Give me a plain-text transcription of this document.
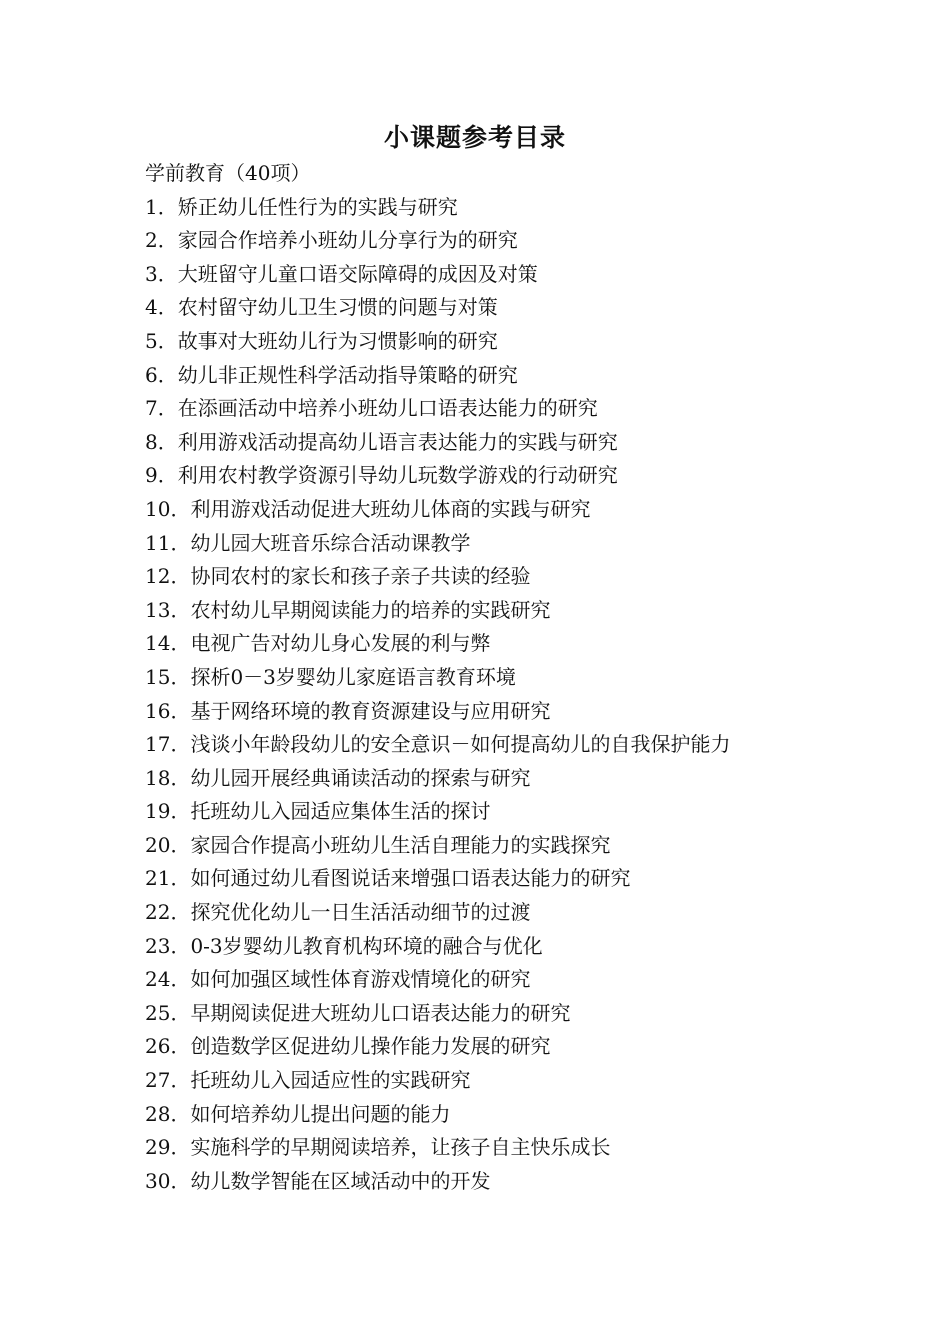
小课题参考目录
学前教育（40项）
1．矫正幼儿任性行为的实践与研究
2．家园合作培养小班幼儿分享行为的研究
3．大班留守儿童口语交际障碍的成因及对策
4．农村留守幼儿卫生习惯的问题与对策
5．故事对大班幼儿行为习惯影响的研究
6．幼儿非正规性科学活动指导策略的研究
7．在添画活动中培养小班幼儿口语表达能力的研究
8．利用游戏活动提高幼儿语言表达能力的实践与研究
9．利用农村教学资源引导幼儿玩数学游戏的行动研究
10．利用游戏活动促进大班幼儿体商的实践与研究
11．幼儿园大班音乐综合活动课教学
12．协同农村的家长和孩子亲子共读的经验
13．农村幼儿早期阅读能力的培养的实践研究
14．电视广告对幼儿身心发展的利与弊
15．探析0－3岁婴幼儿家庭语言教育环境
16．基于网络环境的教育资源建设与应用研究
17．浅谈小年龄段幼儿的安全意识－如何提高幼儿的自我保护能力
18．幼儿园开展经典诵读活动的探索与研究
19．托班幼儿入园适应集体生活的探讨
20．家园合作提高小班幼儿生活自理能力的实践探究
21．如何通过幼儿看图说话来增强口语表达能力的研究
22．探究优化幼儿一日生活活动细节的过渡
23．0-3岁婴幼儿教育机构环境的融合与优化
24．如何加强区域性体育游戏情境化的研究
25．早期阅读促进大班幼儿口语表达能力的研究
26．创造数学区促进幼儿操作能力发展的研究
27．托班幼儿入园适应性的实践研究
28．如何培养幼儿提出问题的能力
29．实施科学的早期阅读培养，让孩子自主快乐成长
30．幼儿数学智能在区域活动中的开发
